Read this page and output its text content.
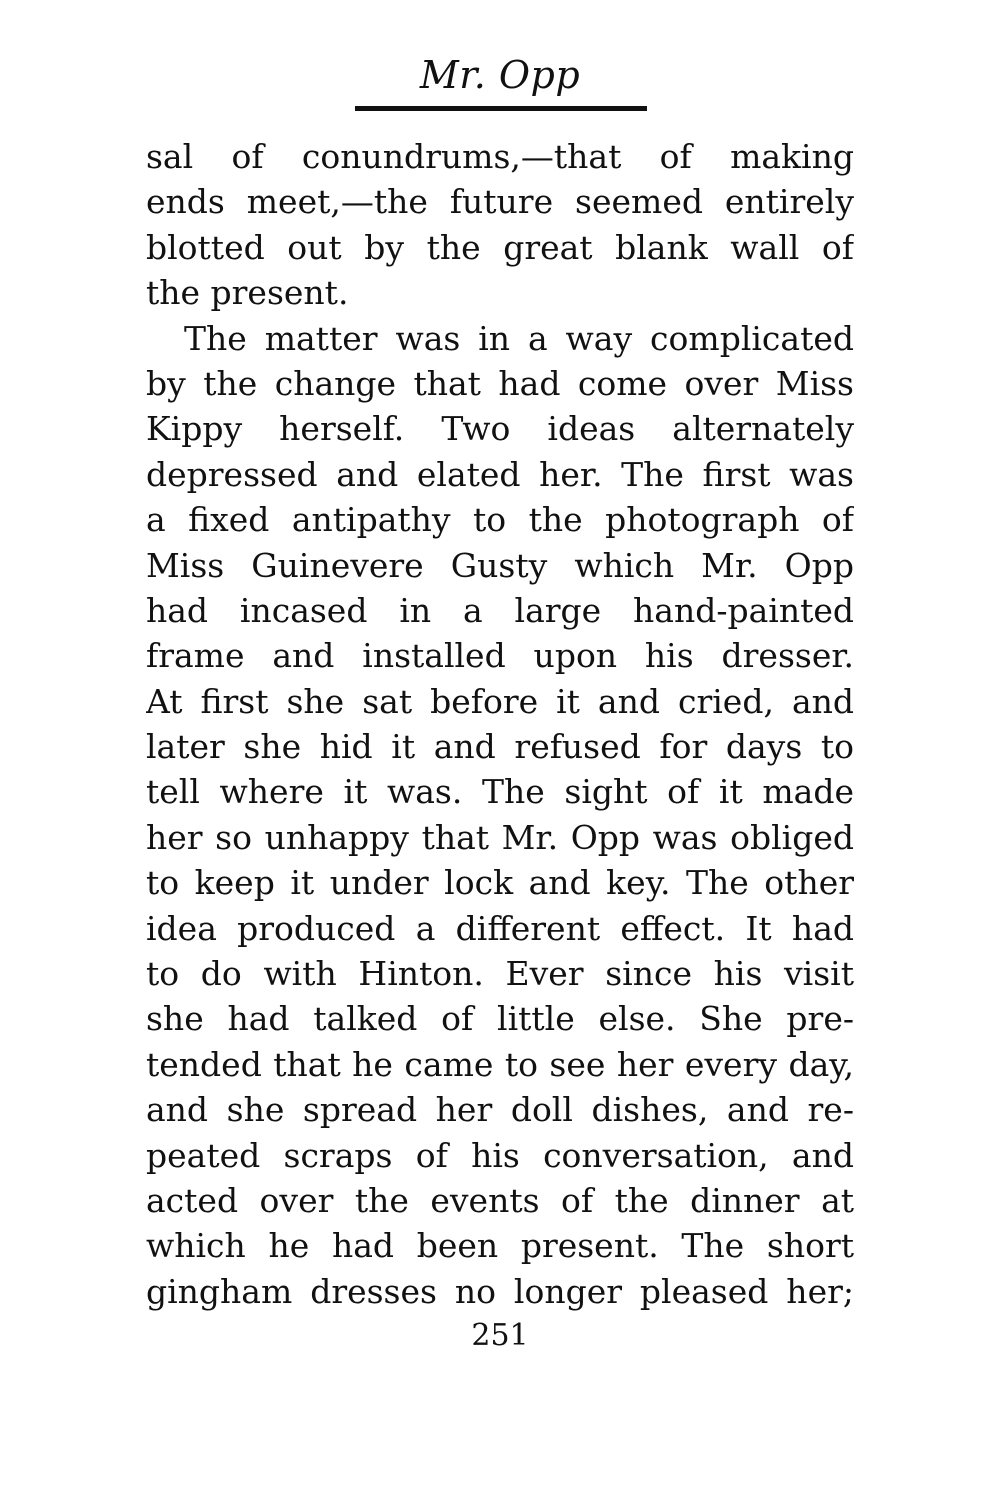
Mr. Opp
sal of conundrums,—that of making
ends meet,—the future seemed entirely
blotted out by the great blank wall of
the present.
The matter was in a way complicated
by the change that had come over Miss
Kippy herself. Two ideas alternately
depressed and elated her. The first was
a fixed antipathy to the photograph of
Miss Guinevere Gusty which Mr. Opp
had incased in a large hand-painted
frame and installed upon his dresser.
At first she sat before it and cried, and
later she hid it and refused for days to
tell where it was. The sight of it made
her so unhappy that Mr. Opp was obliged
to keep it under lock and key. The other
idea produced a different effect. It had
to do with Hinton. Ever since his visit
she had talked of little else. She pre-
tended that he came to see her every day,
and she spread her doll dishes, and re-
peated scraps of his conversation, and
acted over the events of the dinner at
which he had been present. The short
gingham dresses no longer pleased her;
251
